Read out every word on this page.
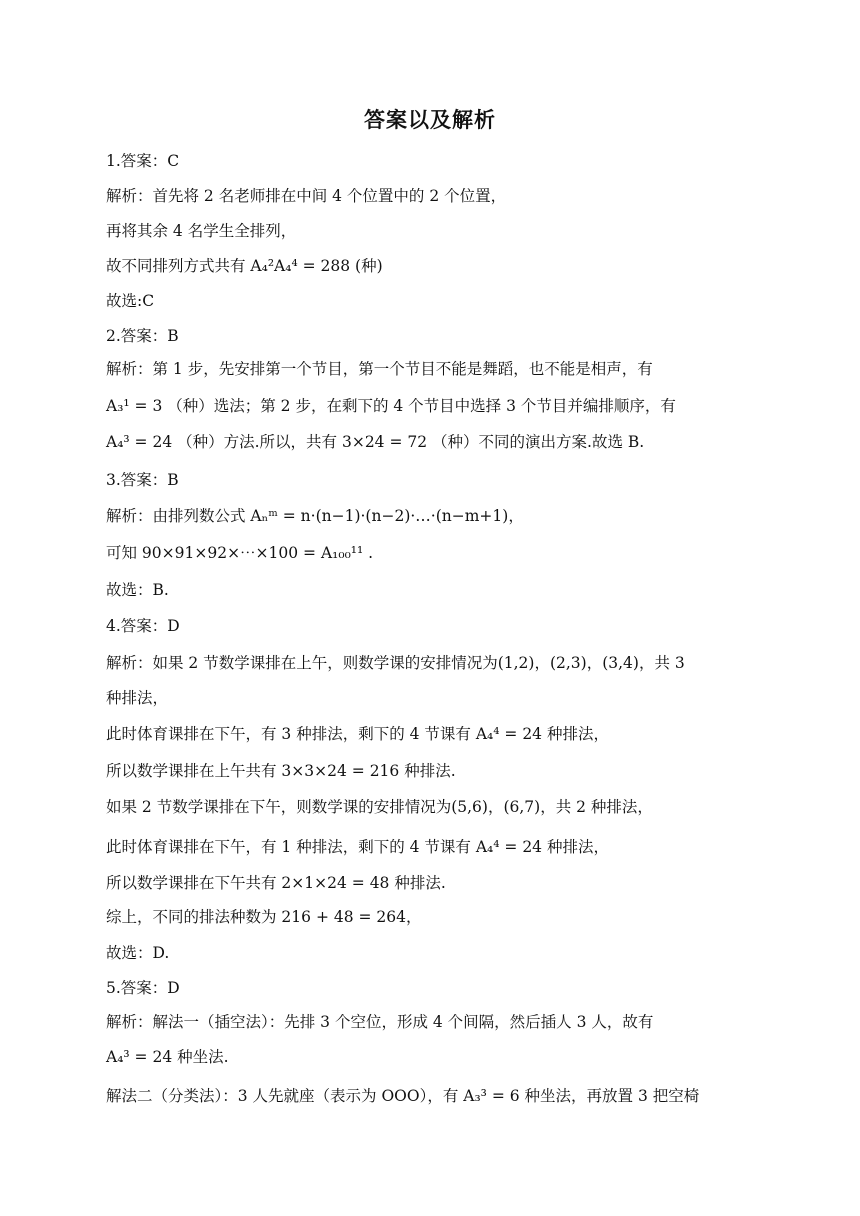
答案以及解析
1.答案：C
解析：首先将 2 名老师排在中间 4 个位置中的 2 个位置，
再将其余 4 名学生全排列，
故不同排列方式共有 A₄²A₄⁴ = 288 (种)
故选:C
2.答案：B
解析：第 1 步，先安排第一个节目，第一个节目不能是舞蹈，也不能是相声，有
A₃¹ = 3 （种）选法；第 2 步，在剩下的 4 个节目中选择 3 个节目并编排顺序，有
A₄³ = 24 （种）方法.所以，共有 3×24 = 72 （种）不同的演出方案.故选 B.
3.答案：B
解析：由排列数公式 Aₙᵐ = n·(n−1)·(n−2)·…·(n−m+1)，
可知 90×91×92×⋯×100 = A₁₀₀¹¹ .
故选：B.
4.答案：D
解析：如果 2 节数学课排在上午，则数学课的安排情况为(1,2)，(2,3)，(3,4)，共 3
种排法，
此时体育课排在下午，有 3 种排法，剩下的 4 节课有 A₄⁴ = 24 种排法，
所以数学课排在上午共有 3×3×24 = 216 种排法.
如果 2 节数学课排在下午，则数学课的安排情况为(5,6)，(6,7)，共 2 种排法，
此时体育课排在下午，有 1 种排法，剩下的 4 节课有 A₄⁴ = 24 种排法，
所以数学课排在下午共有 2×1×24 = 48 种排法.
综上，不同的排法种数为 216 + 48 = 264，
故选：D.
5.答案：D
解析：解法一（插空法）：先排 3 个空位，形成 4 个间隔，然后插人 3 人，故有
A₄³ = 24 种坐法.
解法二（分类法）：3 人先就座（表示为 OOO），有 A₃³ = 6 种坐法，再放置 3 把空椅
